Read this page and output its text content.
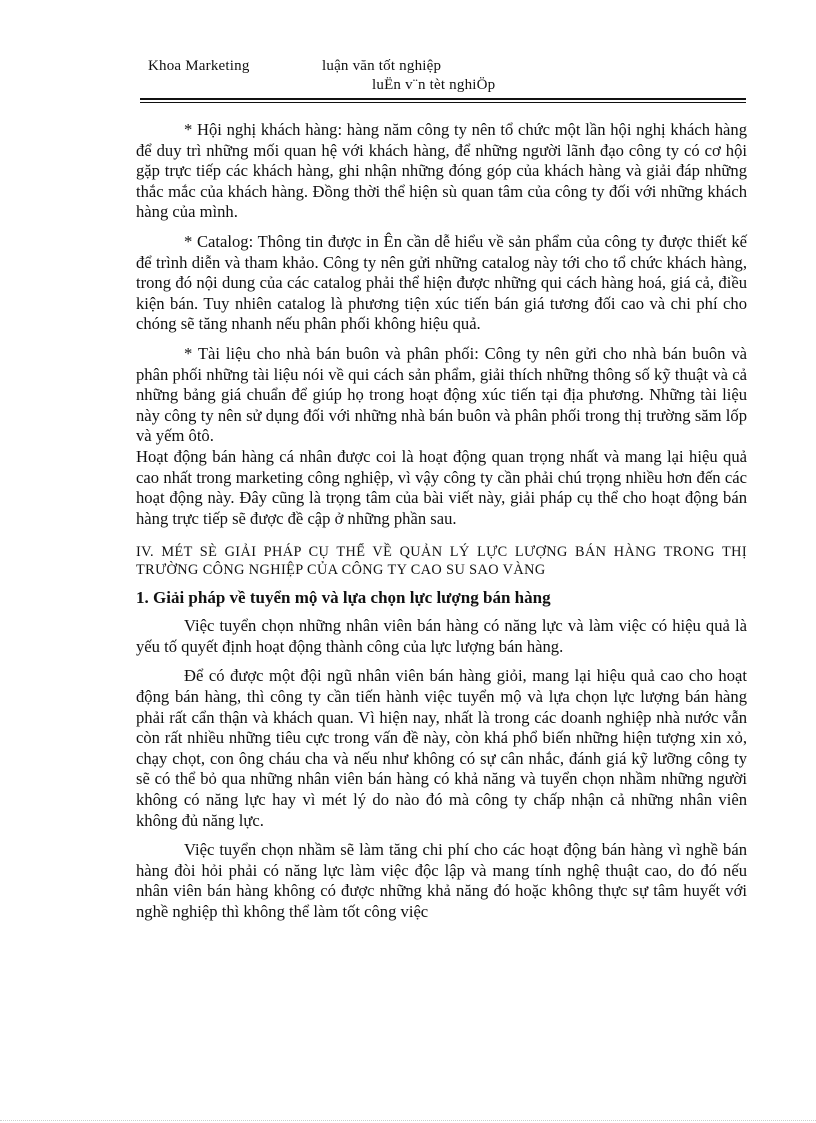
Khoa Marketing	luận văn tốt nghiệp
luËn v¨n tèt nghiÖp

* Hội nghị khách hàng: hàng năm công ty nên tổ chức một lần hội nghị khách hàng để duy trì những mối quan hệ với khách hàng, để những người lãnh đạo công ty có cơ hội gặp trực tiếp các khách hàng, ghi nhận những đóng góp của khách hàng và giải đáp những thắc mắc của khách hàng. Đồng thời thể hiện sù quan tâm của công ty đối với những khách hàng của mình.

* Catalog: Thông tin được in Ên cần dễ hiểu về sản phẩm của công ty được thiết kế để trình diễn và tham khảo. Công ty nên gửi những catalog này tới cho tổ chức khách hàng, trong đó nội dung của các catalog phải thể hiện được những qui cách hàng hoá, giá cả, điều kiện bán. Tuy nhiên catalog là phương tiện xúc tiến bán giá tương đối cao và chi phí cho chóng sẽ tăng nhanh nếu phân phối không hiệu quả.

* Tài liệu cho nhà bán buôn và phân phối: Công ty nên gửi cho nhà bán buôn và phân phối những tài liệu nói về qui cách sản phẩm, giải thích những thông số kỹ thuật và cả những bảng giá chuẩn để giúp họ trong hoạt động xúc tiến tại địa phương. Những tài liệu này công ty nên sử dụng đối với những nhà bán buôn và phân phối trong thị trường săm lốp và yếm ôtô.

Hoạt động bán hàng cá nhân được coi là hoạt động quan trọng nhất và mang lại hiệu quả cao nhất trong marketing công nghiệp, vì vậy công ty cần phải chú trọng nhiều hơn đến các hoạt động này. Đây cũng là trọng tâm của bài viết này, giải pháp cụ thể cho hoạt động bán hàng trực tiếp sẽ được đề cập ở những phần sau.

IV. MÉT SÈ GIẢI PHÁP CỤ THỂ VỀ QUẢN LÝ LỰC LƯỢNG BÁN HÀNG TRONG THỊ TRƯỜNG CÔNG NGHIỆP CỦA CÔNG TY CAO SU SAO VÀNG
1. Giải pháp về tuyển mộ và lựa chọn lực lượng bán hàng

Việc tuyển chọn những nhân viên bán hàng có năng lực và làm việc có hiệu quả là yếu tố quyết định hoạt động thành công của lực lượng bán hàng.

Để có được một đội ngũ nhân viên bán hàng giỏi, mang lại hiệu quả cao cho hoạt động bán hàng, thì công ty cần tiến hành việc tuyển mộ và lựa chọn lực lượng bán hàng phải rất cẩn thận và khách quan. Vì hiện nay, nhất là trong các doanh nghiệp nhà nước vẫn còn rất nhiều những tiêu cực trong vấn đề này, còn khá phổ biến những hiện tượng xin xỏ, chạy chọt, con ông cháu cha và nếu như không có sự cân nhắc, đánh giá kỹ lưỡng công ty sẽ có thể bỏ qua những nhân viên bán hàng có khả năng và tuyển chọn nhầm những người không có năng lực hay vì mét lý do nào đó mà công ty chấp nhận cả những nhân viên không đủ năng lực.

Việc tuyển chọn nhầm sẽ làm tăng chi phí cho các hoạt động bán hàng vì nghề bán hàng đòi hỏi phải có năng lực làm việc độc lập và mang tính nghệ thuật cao, do đó nếu nhân viên bán hàng không có được những khả năng đó hoặc không thực sự tâm huyết với nghề nghiệp thì không thể làm tốt công việc
